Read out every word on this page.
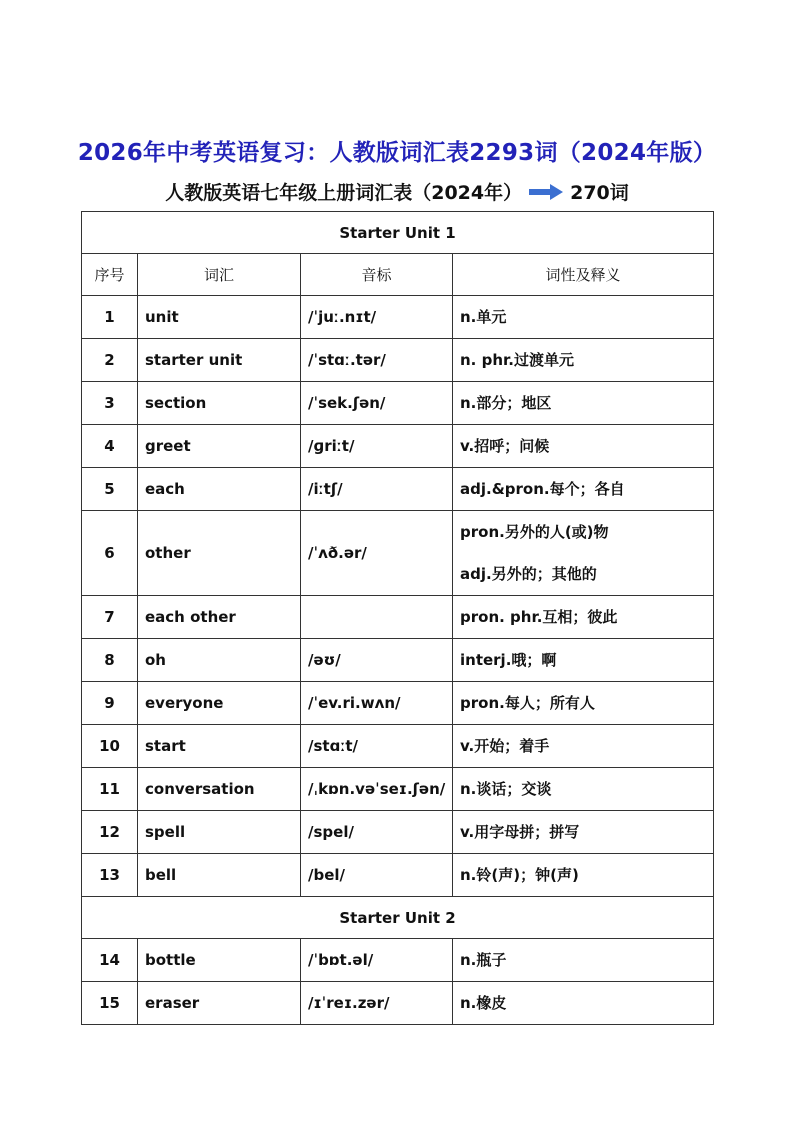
2026年中考英语复习：人教版词汇表2293词（2024年版）
人教版英语七年级上册词汇表（2024年）	270词
Starter Unit 1			
序号	词汇	音标	词性及释义
1	unit	/ˈjuː.nɪt/	n.单元

2	starter unit	/ˈstɑː.tər/	n. phr.过渡单元

3	section	/ˈsek.ʃən/	n.部分；地区

4	greet	/ɡriːt/	v.招呼；问候

5	each	/iːtʃ/	adj.&pron.每个；各自

6	other	/ˈʌð.ər/	pron.另外的人(或)物
adj.另外的；其他的

7	each other		pron. phr.互相；彼此

8	oh	/əʊ/	interj.哦；啊

9	everyone	/ˈev.ri.wʌn/	pron.每人；所有人

10	start	/stɑːt/	v.开始；着手

11	conversation	/ˌkɒn.vəˈseɪ.ʃən/	n.谈话；交谈

12	spell	/spel/	v.用字母拼；拼写

13	bell	/bel/	n.铃(声)；钟(声)

Starter Unit 2			
14	bottle	/ˈbɒt.əl/	n.瓶子

15	eraser	/ɪˈreɪ.zər/	n.橡皮
